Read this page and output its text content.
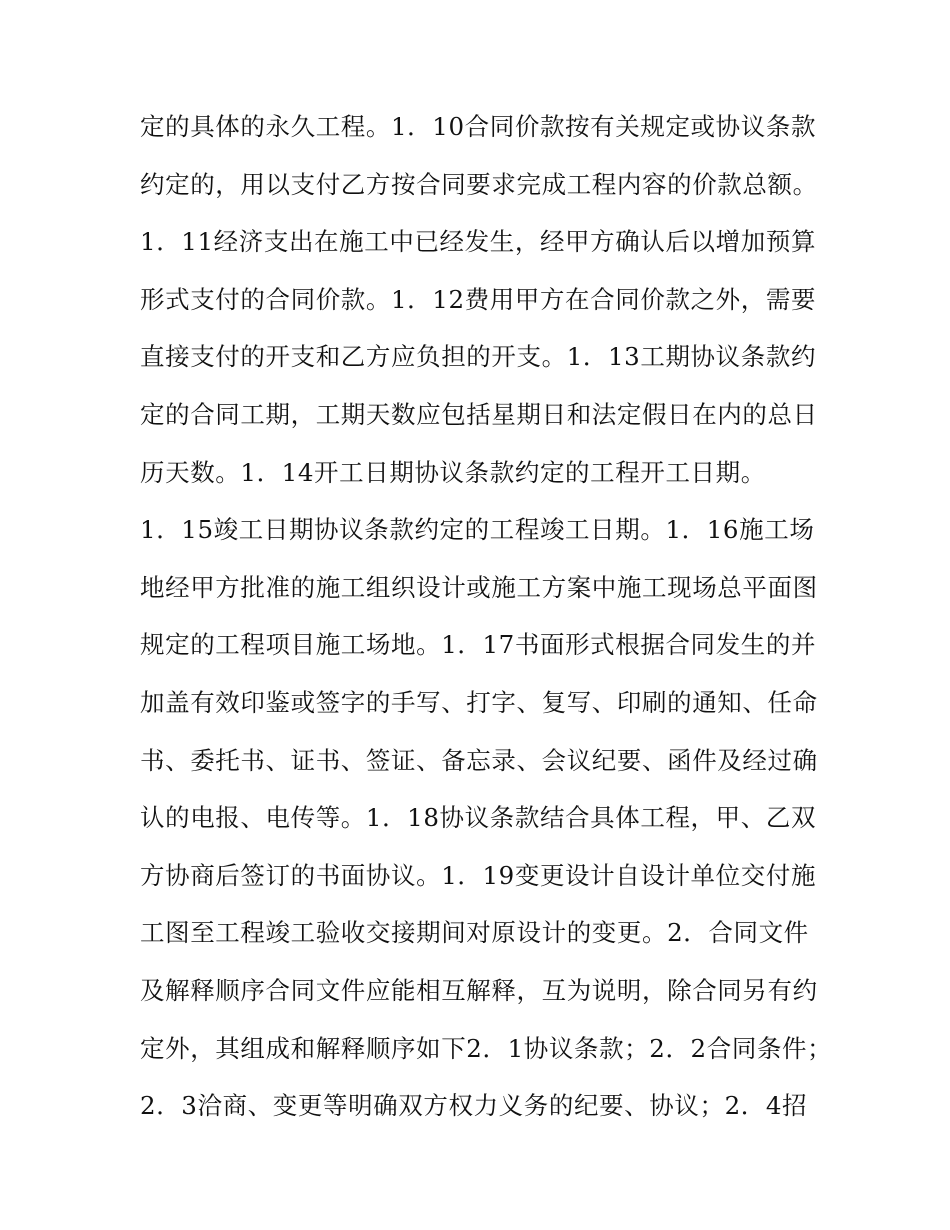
定的具体的永久工程。1．10合同价款按有关规定或协议条款
约定的，用以支付乙方按合同要求完成工程内容的价款总额。
1．11经济支出在施工中已经发生，经甲方确认后以增加预算
形式支付的合同价款。1．12费用甲方在合同价款之外，需要
直接支付的开支和乙方应负担的开支。1．13工期协议条款约
定的合同工期，工期天数应包括星期日和法定假日在内的总日
历天数。1．14开工日期协议条款约定的工程开工日期。
1．15竣工日期协议条款约定的工程竣工日期。1．16施工场
地经甲方批准的施工组织设计或施工方案中施工现场总平面图
规定的工程项目施工场地。1．17书面形式根据合同发生的并
加盖有效印鉴或签字的手写、打字、复写、印刷的通知、任命
书、委托书、证书、签证、备忘录、会议纪要、函件及经过确
认的电报、电传等。1．18协议条款结合具体工程，甲、乙双
方协商后签订的书面协议。1．19变更设计自设计单位交付施
工图至工程竣工验收交接期间对原设计的变更。2．合同文件
及解释顺序合同文件应能相互解释，互为说明，除合同另有约
定外，其组成和解释顺序如下2．1协议条款；2．2合同条件；
2．3洽商、变更等明确双方权力义务的纪要、协议；2．4招
